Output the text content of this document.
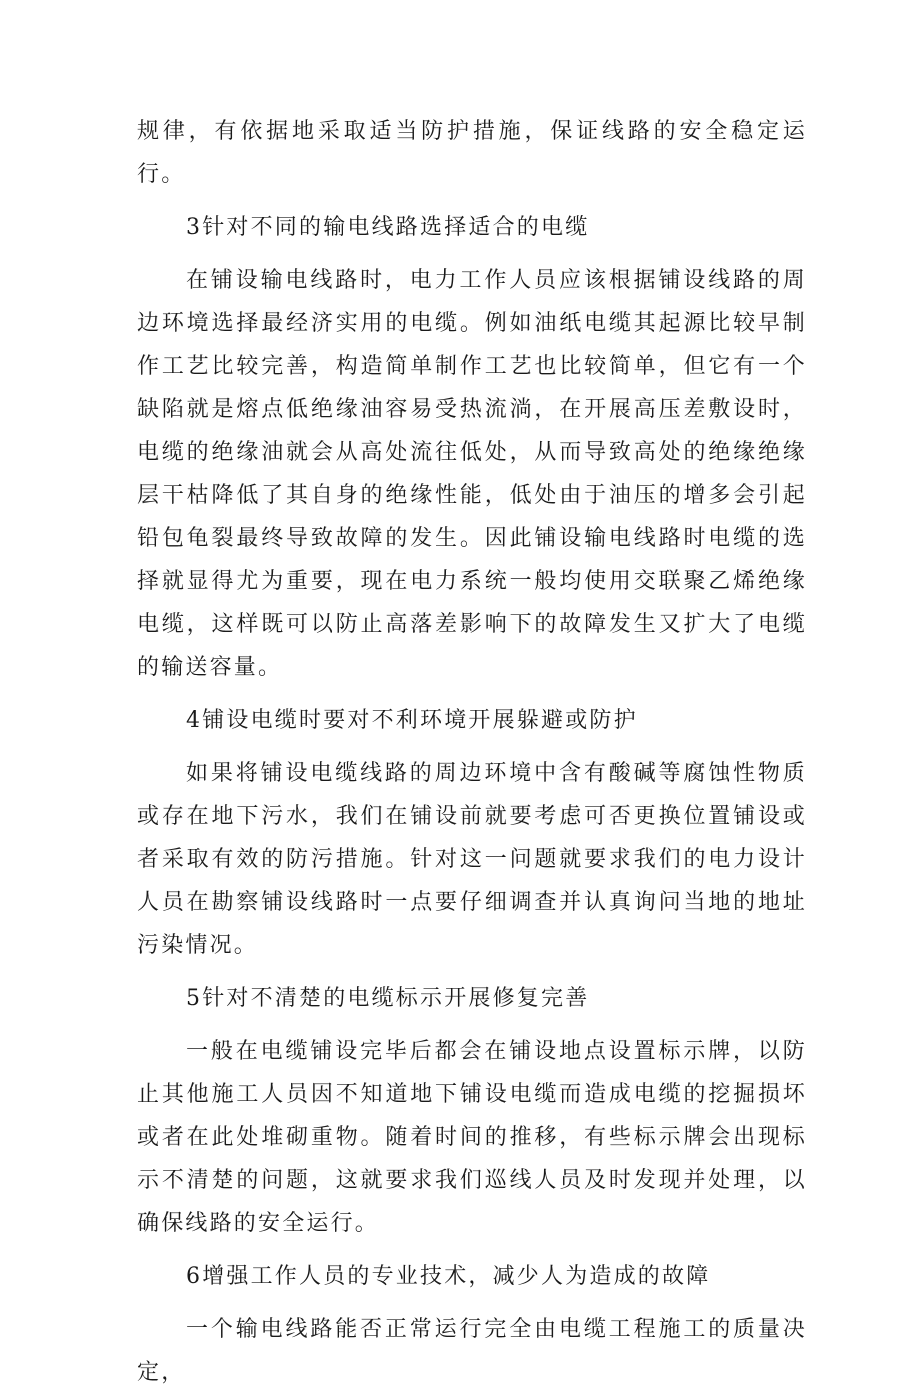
规律，有依据地采取适当防护措施，保证线路的安全稳定运行。

3针对不同的输电线路选择适合的电缆

在铺设输电线路时，电力工作人员应该根据铺设线路的周边环境选择最经济实用的电缆。例如油纸电缆其起源比较早制作工艺比较完善，构造简单制作工艺也比较简单，但它有一个缺陷就是熔点低绝缘油容易受热流淌，在开展高压差敷设时，电缆的绝缘油就会从高处流往低处，从而导致高处的绝缘绝缘层干枯降低了其自身的绝缘性能，低处由于油压的增多会引起铅包龟裂最终导致故障的发生。因此铺设输电线路时电缆的选择就显得尤为重要，现在电力系统一般均使用交联聚乙烯绝缘电缆，这样既可以防止高落差影响下的故障发生又扩大了电缆的输送容量。

4铺设电缆时要对不利环境开展躲避或防护

如果将铺设电缆线路的周边环境中含有酸碱等腐蚀性物质或存在地下污水，我们在铺设前就要考虑可否更换位置铺设或者采取有效的防污措施。针对这一问题就要求我们的电力设计人员在勘察铺设线路时一点要仔细调查并认真询问当地的地址污染情况。

5针对不清楚的电缆标示开展修复完善

一般在电缆铺设完毕后都会在铺设地点设置标示牌，以防止其他施工人员因不知道地下铺设电缆而造成电缆的挖掘损坏或者在此处堆砌重物。随着时间的推移，有些标示牌会出现标示不清楚的问题，这就要求我们巡线人员及时发现并处理，以确保线路的安全运行。

6增强工作人员的专业技术，减少人为造成的故障

一个输电线路能否正常运行完全由电缆工程施工的质量决定，
